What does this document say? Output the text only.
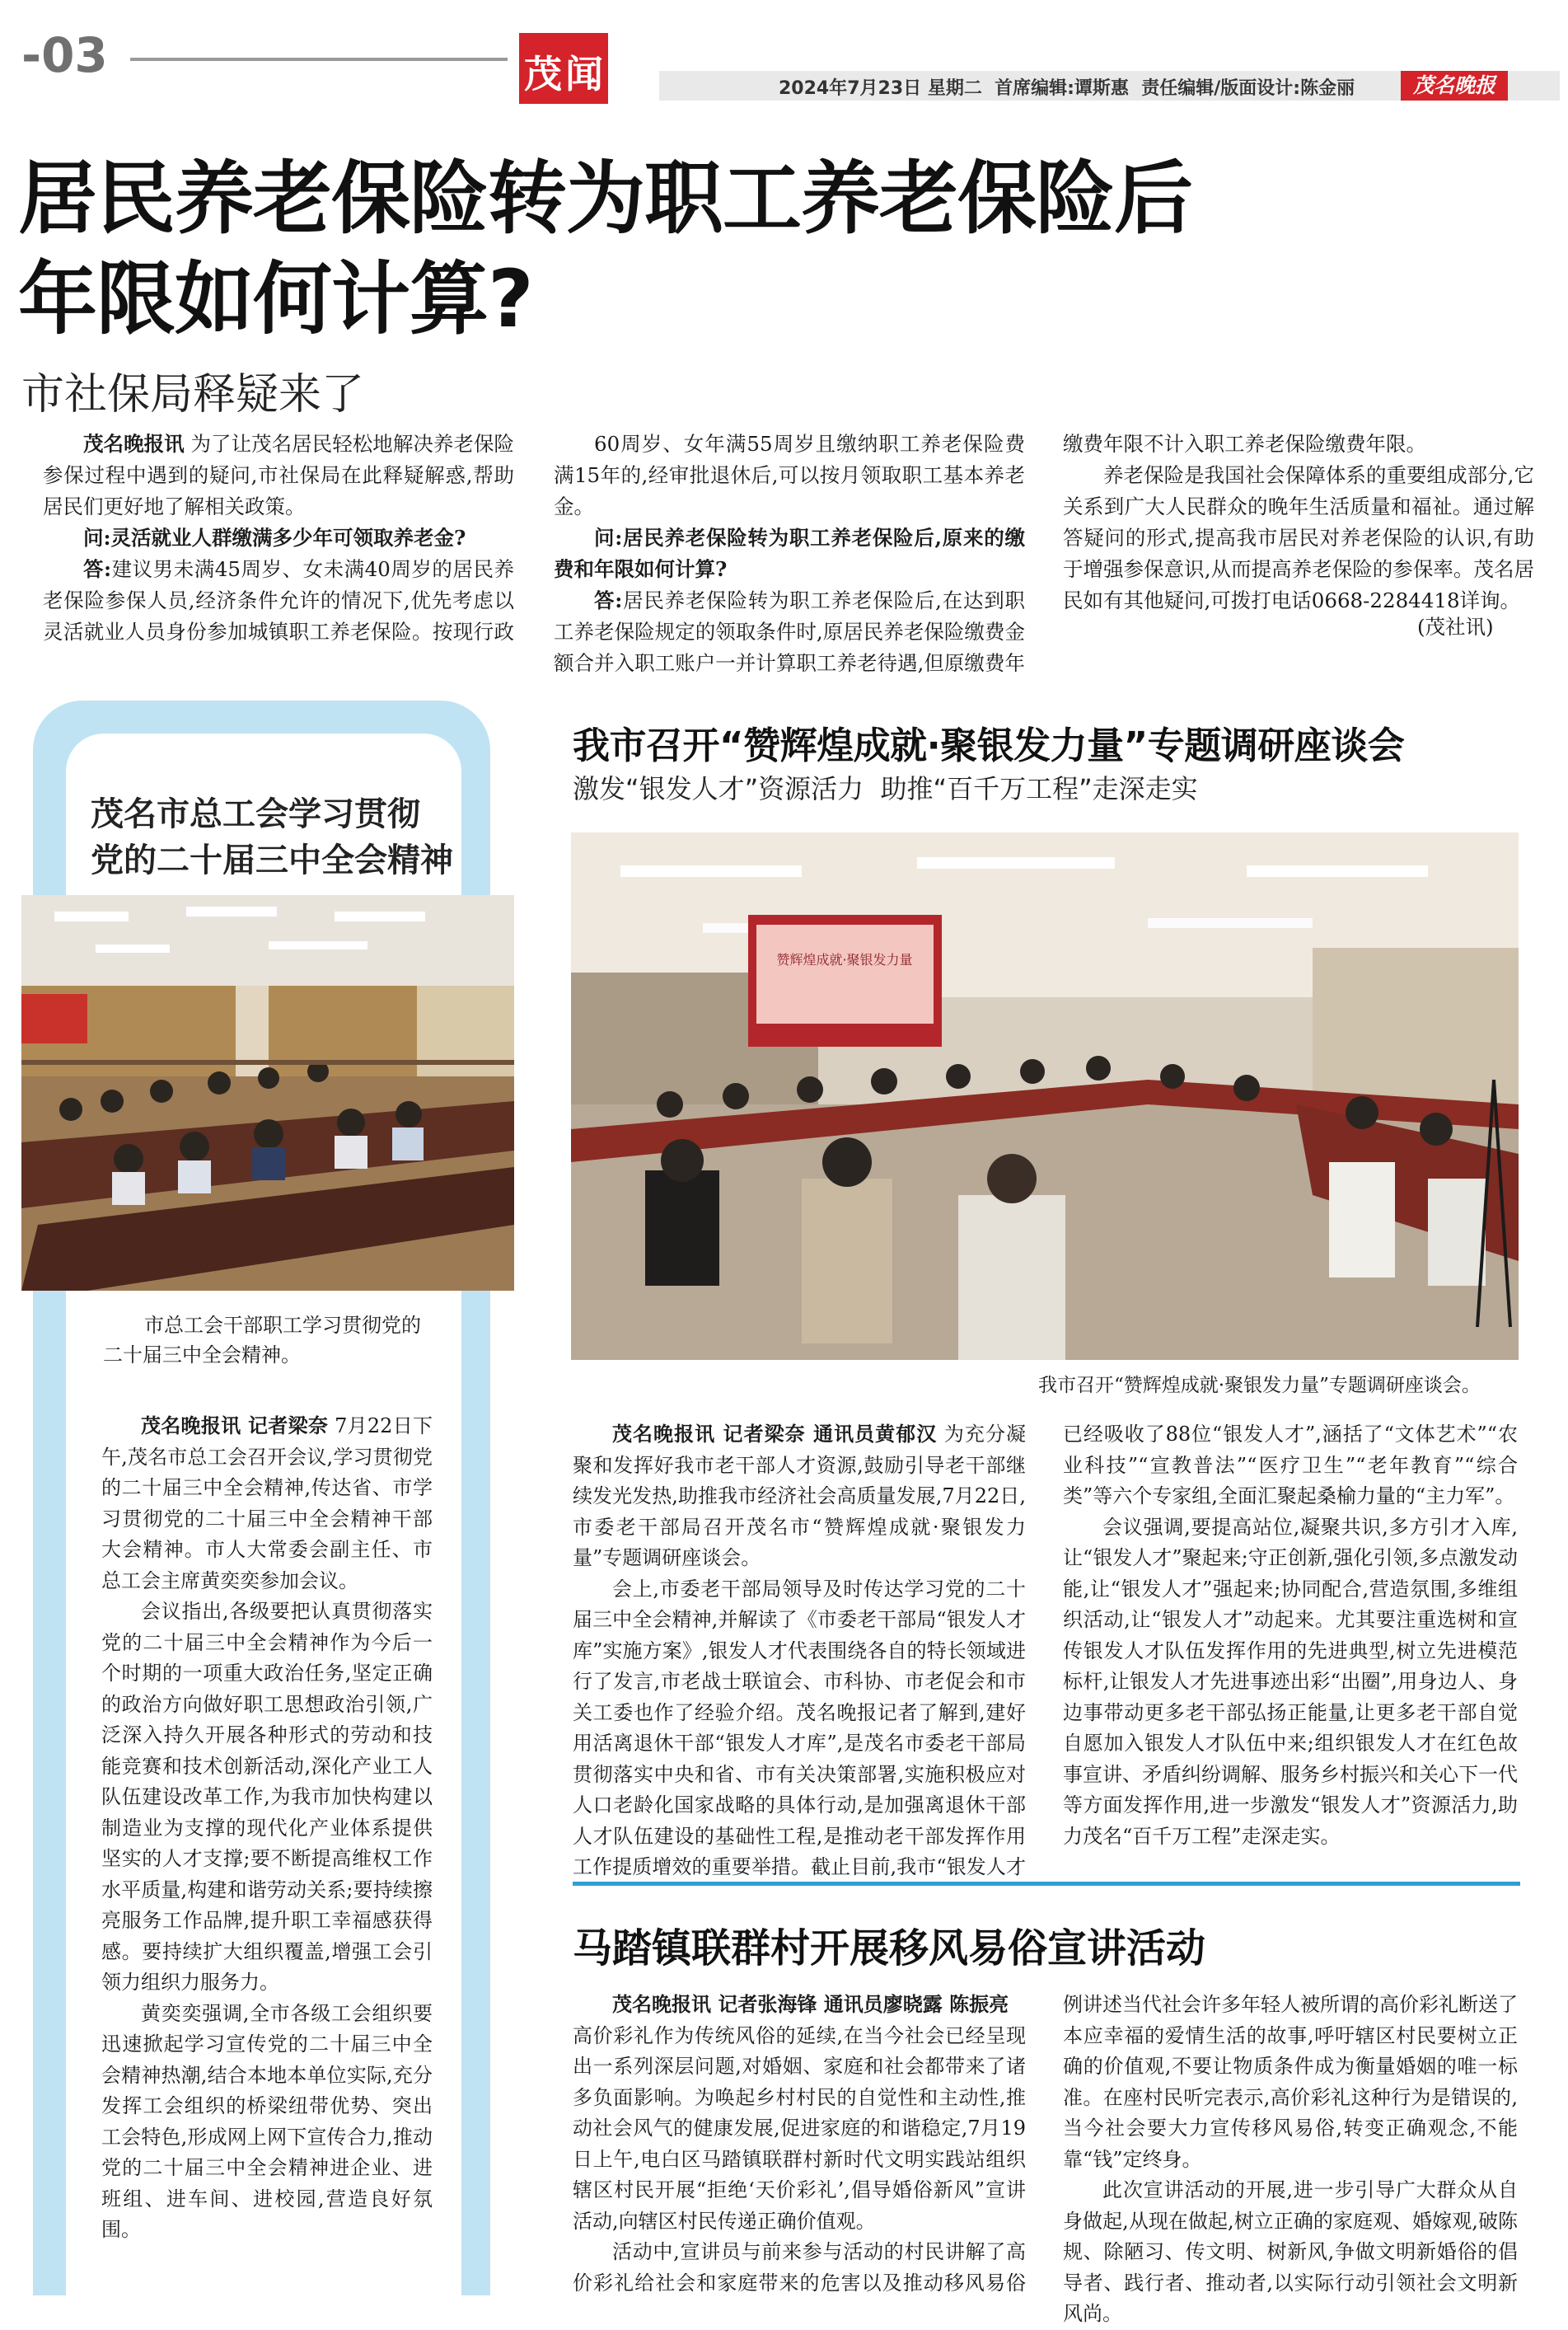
-03	茂闻	2024年7月23日 星期二  首席编辑:谭斯惠  责任编辑/版面设计:陈金丽	茂名晚报
居民养老保险转为职工养老保险后
年限如何计算?
市社保局释疑来了

茂名晚报讯 为了让茂名居民轻松地解决养老保险参保过程中遇到的疑问,市社保局在此释疑解惑,帮助居民们更好地了解相关政策。

问:灵活就业人群缴满多少年可领取养老金?

答:建议男未满45周岁、女未满40周岁的居民养老保险参保人员,经济条件允许的情况下,优先考虑以灵活就业人员身份参加城镇职工养老保险。按现行政

60周岁、女年满55周岁且缴纳职工养老保险费满15年的,经审批退休后,可以按月领取职工基本养老金。

问:居民养老保险转为职工养老保险后,原来的缴费和年限如何计算?

答:居民养老保险转为职工养老保险后,在达到职工养老保险规定的领取条件时,原居民养老保险缴费金额合并入职工账户一并计算职工养老待遇,但原缴费年

缴费年限不计入职工养老保险缴费年限。

养老保险是我国社会保障体系的重要组成部分,它关系到广大人民群众的晚年生活质量和福祉。通过解答疑问的形式,提高我市居民对养老保险的认识,有助于增强参保意识,从而提高养老保险的参保率。茂名居民如有其他疑问,可拨打电话0668-2284418详询。

(茂社讯)
茂名市总工会学习贯彻
党的二十届三中全会精神
市总工会干部职工学习贯彻党的
二十届三中全会精神。

茂名晚报讯 记者梁奈 7月22日下午,茂名市总工会召开会议,学习贯彻党的二十届三中全会精神,传达省、市学习贯彻党的二十届三中全会精神干部大会精神。市人大常委会副主任、市总工会主席黄奕奕参加会议。

会议指出,各级要把认真贯彻落实党的二十届三中全会精神作为今后一个时期的一项重大政治任务,坚定正确的政治方向做好职工思想政治引领,广泛深入持久开展各种形式的劳动和技能竞赛和技术创新活动,深化产业工人队伍建设改革工作,为我市加快构建以制造业为支撑的现代化产业体系提供坚实的人才支撑;要不断提高维权工作水平质量,构建和谐劳动关系;要持续擦亮服务工作品牌,提升职工幸福感获得感。要持续扩大组织覆盖,增强工会引领力组织力服务力。

黄奕奕强调,全市各级工会组织要迅速掀起学习宣传党的二十届三中全会精神热潮,结合本地本单位实际,充分发挥工会组织的桥梁纽带优势、突出工会特色,形成网上网下宣传合力,推动党的二十届三中全会精神进企业、进班组、进车间、进校园,营造良好氛围。

我市召开“赞辉煌成就·聚银发力量”专题调研座谈会
激发“银发人才”资源活力  助推“百千万工程”走深走实
赞辉煌成就·聚银发力量
我市召开“赞辉煌成就·聚银发力量”专题调研座谈会。

茂名晚报讯 记者梁奈 通讯员黄郁汉 为充分凝聚和发挥好我市老干部人才资源,鼓励引导老干部继续发光发热,助推我市经济社会高质量发展,7月22日,市委老干部局召开茂名市“赞辉煌成就·聚银发力量”专题调研座谈会。

会上,市委老干部局领导及时传达学习党的二十届三中全会精神,并解读了《市委老干部局“银发人才库”实施方案》,银发人才代表围绕各自的特长领域进行了发言,市老战士联谊会、市科协、市老促会和市关工委也作了经验介绍。茂名晚报记者了解到,建好用活离退休干部“银发人才库”,是茂名市委老干部局贯彻落实中央和省、市有关决策部署,实施积极应对人口老龄化国家战略的具体行动,是加强离退休干部人才队伍建设的基础性工程,是推动老干部发挥作用工作提质增效的重要举措。截止目前,我市“银发人才

已经吸收了88位“银发人才”,涵括了“文体艺术”“农业科技”“宣教普法”“医疗卫生”“老年教育”“综合类”等六个专家组,全面汇聚起桑榆力量的“主力军”。

会议强调,要提高站位,凝聚共识,多方引才入库,让“银发人才”聚起来;守正创新,强化引领,多点激发动能,让“银发人才”强起来;协同配合,营造氛围,多维组织活动,让“银发人才”动起来。尤其要注重选树和宣传银发人才队伍发挥作用的先进典型,树立先进模范标杆,让银发人才先进事迹出彩“出圈”,用身边人、身边事带动更多老干部弘扬正能量,让更多老干部自觉自愿加入银发人才队伍中来;组织银发人才在红色故事宣讲、矛盾纠纷调解、服务乡村振兴和关心下一代等方面发挥作用,进一步激发“银发人才”资源活力,助力茂名“百千万工程”走深走实。

马踏镇联群村开展移风易俗宣讲活动

茂名晚报讯 记者张海锋 通讯员廖晓露 陈振亮
高价彩礼作为传统风俗的延续,在当今社会已经呈现出一系列深层问题,对婚姻、家庭和社会都带来了诸多负面影响。为唤起乡村村民的自觉性和主动性,推动社会风气的健康发展,促进家庭的和谐稳定,7月19日上午,电白区马踏镇联群村新时代文明实践站组织辖区村民开展“拒绝‘天价彩礼’,倡导婚俗新风”宣讲活动,向辖区村民传递正确价值观。

活动中,宣讲员与前来参与活动的村民讲解了高价彩礼给社会和家庭带来的危害以及推动移风易俗

例讲述当代社会许多年轻人被所谓的高价彩礼断送了本应幸福的爱情生活的故事,呼吁辖区村民要树立正确的价值观,不要让物质条件成为衡量婚姻的唯一标准。在座村民听完表示,高价彩礼这种行为是错误的,当今社会要大力宣传移风易俗,转变正确观念,不能靠“钱”定终身。

此次宣讲活动的开展,进一步引导广大群众从自身做起,从现在做起,树立正确的家庭观、婚嫁观,破陈规、除陋习、传文明、树新风,争做文明新婚俗的倡导者、践行者、推动者,以实际行动引领社会文明新风尚。
